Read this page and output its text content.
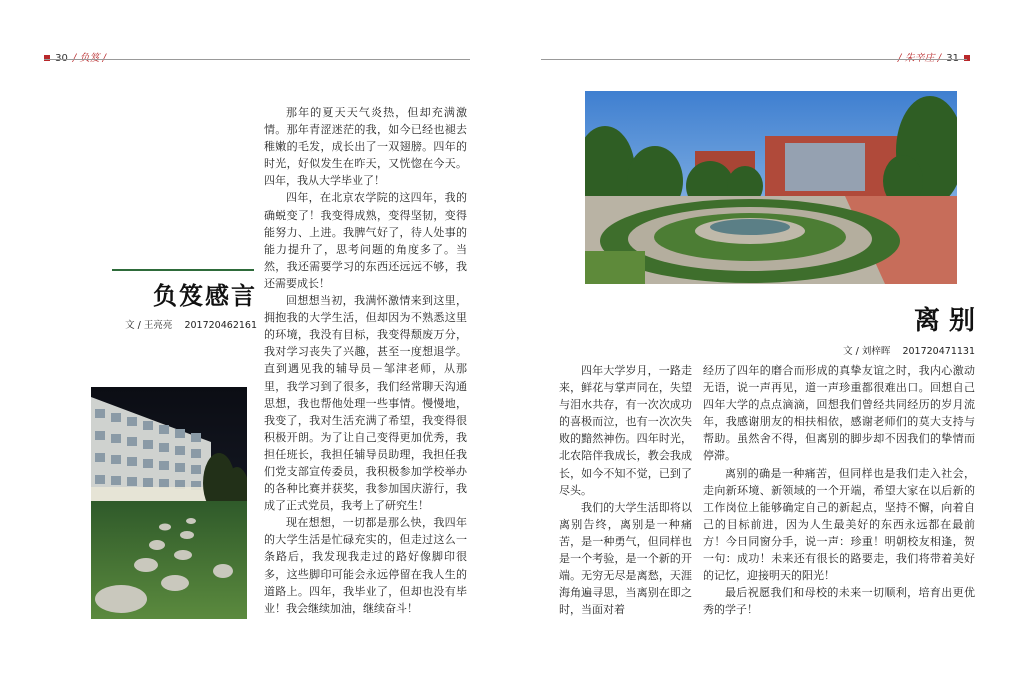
负笈感言
文 / 王亮亮    201720462161

那年的夏天天气炎热，但却充满激情。那年青涩迷茫的我，如今已经也褪去稚嫩的毛发，成长出了一双翅膀。四年的时光，好似发生在昨天，又恍惚在今天。四年，我从大学毕业了！

四年，在北京农学院的这四年，我的确蜕变了！我变得成熟，变得坚韧，变得能努力、上进。我脾气好了，待人处事的能力提升了，思考问题的角度多了。当然，我还需要学习的东西还远远不够，我还需要成长！

回想想当初，我满怀激情来到这里，拥抱我的大学生活，但却因为不熟悉这里的环境，我没有目标，我变得颓废万分，我对学习丧失了兴趣，甚至一度想退学。直到遇见我的辅导员－邹津老师，从那里，我学习到了很多，我们经常聊天沟通思想，我也帮他处理一些事情。慢慢地，我变了，我对生活充满了希望，我变得很积极开朗。为了让自己变得更加优秀，我担任班长，我担任辅导员助理，我担任我们党支部宣传委员，我积极参加学校举办的各种比赛并获奖，我参加国庆游行，我成了正式党员，我考上了研究生！

现在想想，一切都是那么快，我四年的大学生活是忙碌充实的，但走过这么一条路后，我发现我走过的路好像脚印很多，这些脚印可能会永远停留在我人生的道路上。四年，我毕业了，但却也没有毕业！我会继续加油，继续奋斗！

离 别
文 / 刘梓晖    201720471131

四年大学岁月，一路走来，鲜花与掌声同在，失望与泪水共存，有一次次成功的喜极而泣，也有一次次失败的黯然神伤。四年时光，北农陪伴我成长，教会我成长，如今不知不觉，已到了尽头。

我们的大学生活即将以离别告终，离别是一种痛苦，是一种勇气，但同样也是一个考验，是一个新的开端。无穷无尽是离愁，天涯海角遍寻思，当离别在即之时，当面对着

经历了四年的磨合而形成的真挚友谊之时，我内心激动无语，说一声再见，道一声珍重都很难出口。回想自己四年大学的点点滴滴，回想我们曾经共同经历的岁月流年，我感谢朋友的相扶相依，感谢老师们的莫大支持与帮助。虽然舍不得，但离别的脚步却不因我们的挚情而停滞。

离别的确是一种痛苦，但同样也是我们走入社会，走向新环境、新领域的一个开端，希望大家在以后新的工作岗位上能够确定自己的新起点，坚持不懈，向着自己的目标前进，因为人生最美好的东西永远都在最前方！今日同窗分手，说一声：珍重！明朝校友相逢，贺一句：成功！未来还有很长的路要走，我们将带着美好的记忆，迎接明天的阳光！

最后祝愿我们和母校的未来一切顺利，培育出更优秀的学子！
